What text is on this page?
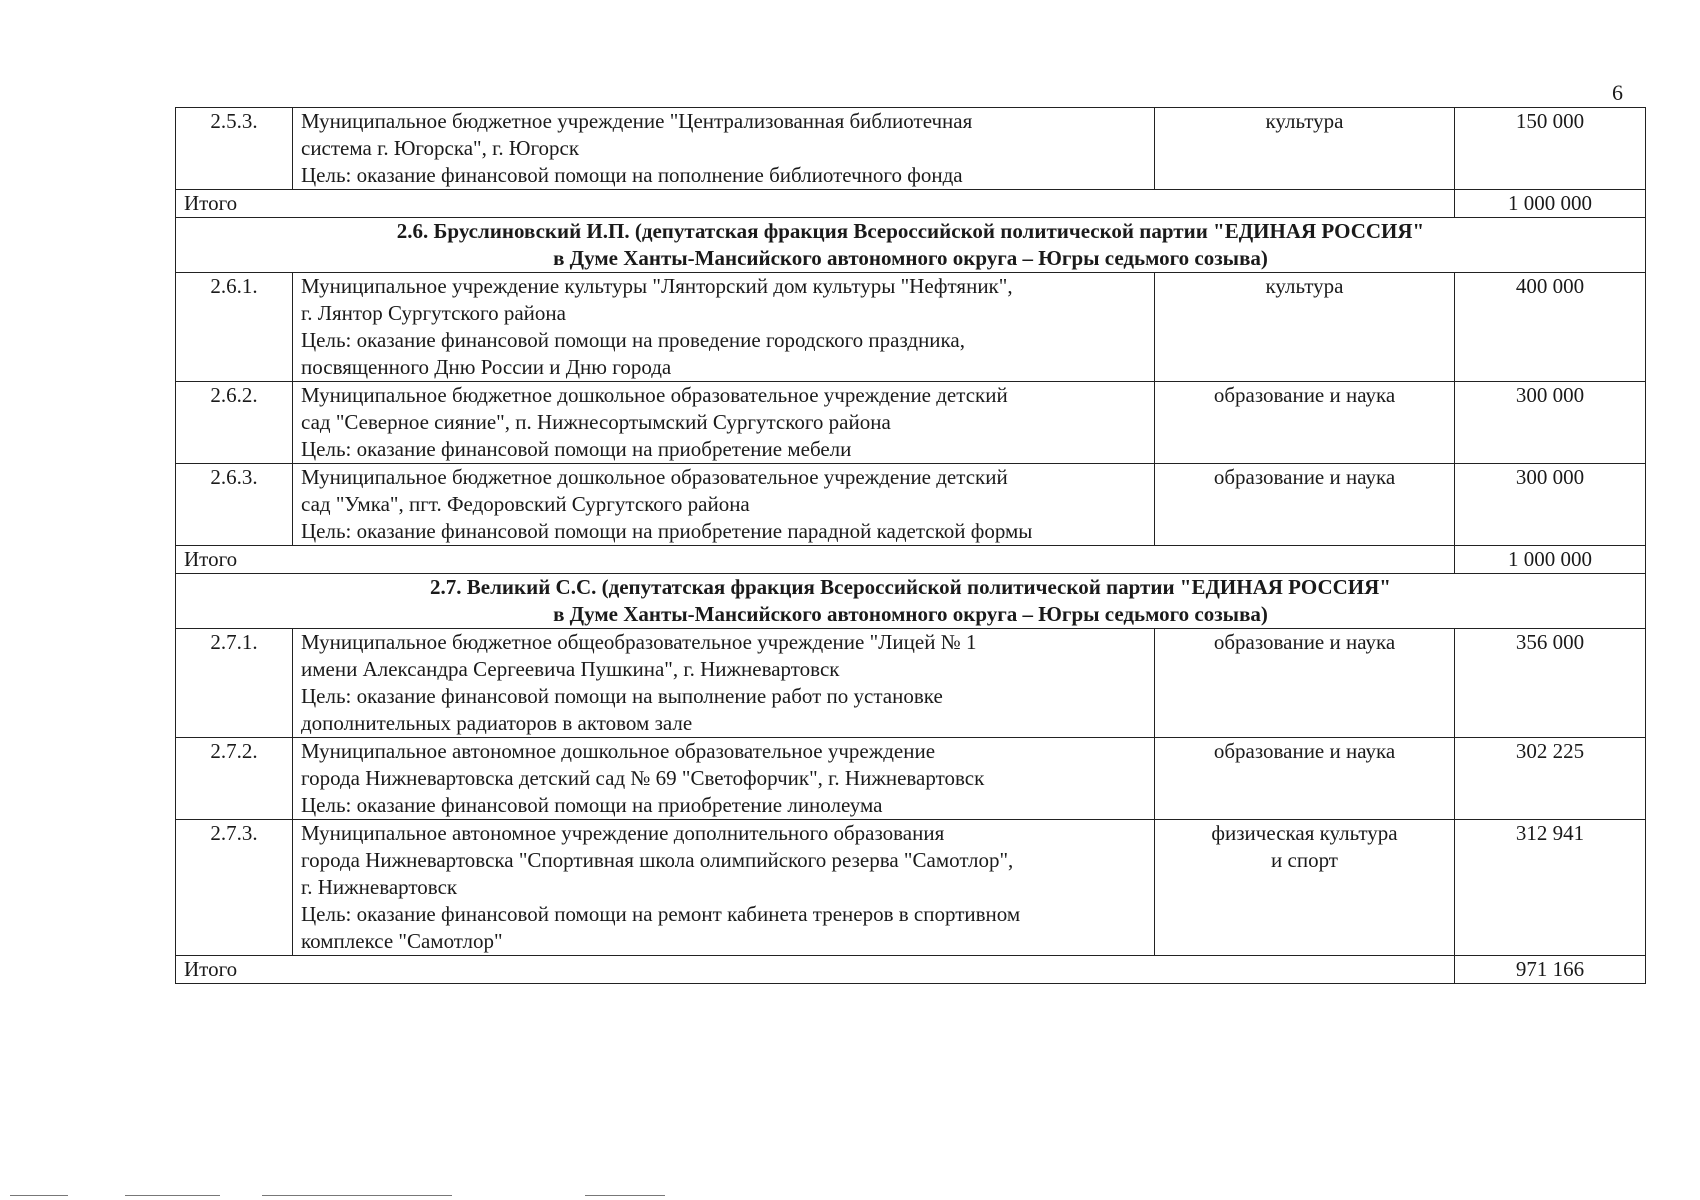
6
2.5.3.	Муниципальное бюджетное учреждение "Централизованная библиотечная
система г. Югорска", г. Югорск
Цель: оказание финансовой помощи на пополнение библиотечного фонда	культура	150 000
Итого			1 000 000

2.6. Бруслиновский И.П. (депутатская фракция Всероссийской политической партии "ЕДИНАЯ РОССИЯ"
в Думе Ханты-Мансийского автономного округа – Югры седьмого созыва)			

2.6.1.	Муниципальное учреждение культуры "Лянторский дом культуры "Нефтяник",
г. Лянтор Сургутского района
Цель: оказание финансовой помощи на проведение городского праздника,
посвященного Дню России и Дню города	культура	400 000
2.6.2.	Муниципальное бюджетное дошкольное образовательное учреждение детский
сад "Северное сияние", п. Нижнесортымский Сургутского района
Цель: оказание финансовой помощи на приобретение мебели	образование и наука	300 000
2.6.3.	Муниципальное бюджетное дошкольное образовательное учреждение детский
сад "Умка", пгт. Федоровский Сургутского района
Цель: оказание финансовой помощи на приобретение парадной кадетской формы	образование и наука	300 000
Итого			1 000 000

2.7. Великий С.С. (депутатская фракция Всероссийской политической партии "ЕДИНАЯ РОССИЯ"
в Думе Ханты-Мансийского автономного округа – Югры седьмого созыва)			

2.7.1.	Муниципальное бюджетное общеобразовательное учреждение "Лицей № 1
имени Александра Сергеевича Пушкина", г. Нижневартовск
Цель: оказание финансовой помощи на выполнение работ по установке
дополнительных радиаторов в актовом зале	образование и наука	356 000
2.7.2.	Муниципальное автономное дошкольное образовательное учреждение
города Нижневартовска детский сад № 69 "Светофорчик", г. Нижневартовск
Цель: оказание финансовой помощи на приобретение линолеума	образование и наука	302 225
2.7.3.	Муниципальное автономное учреждение дополнительного образования
города Нижневартовска "Спортивная школа олимпийского резерва "Самотлор",
г. Нижневартовск
Цель: оказание финансовой помощи на ремонт кабинета тренеров в спортивном
комплексе "Самотлор"	физическая культура
и спорт	312 941
Итого			971 166
